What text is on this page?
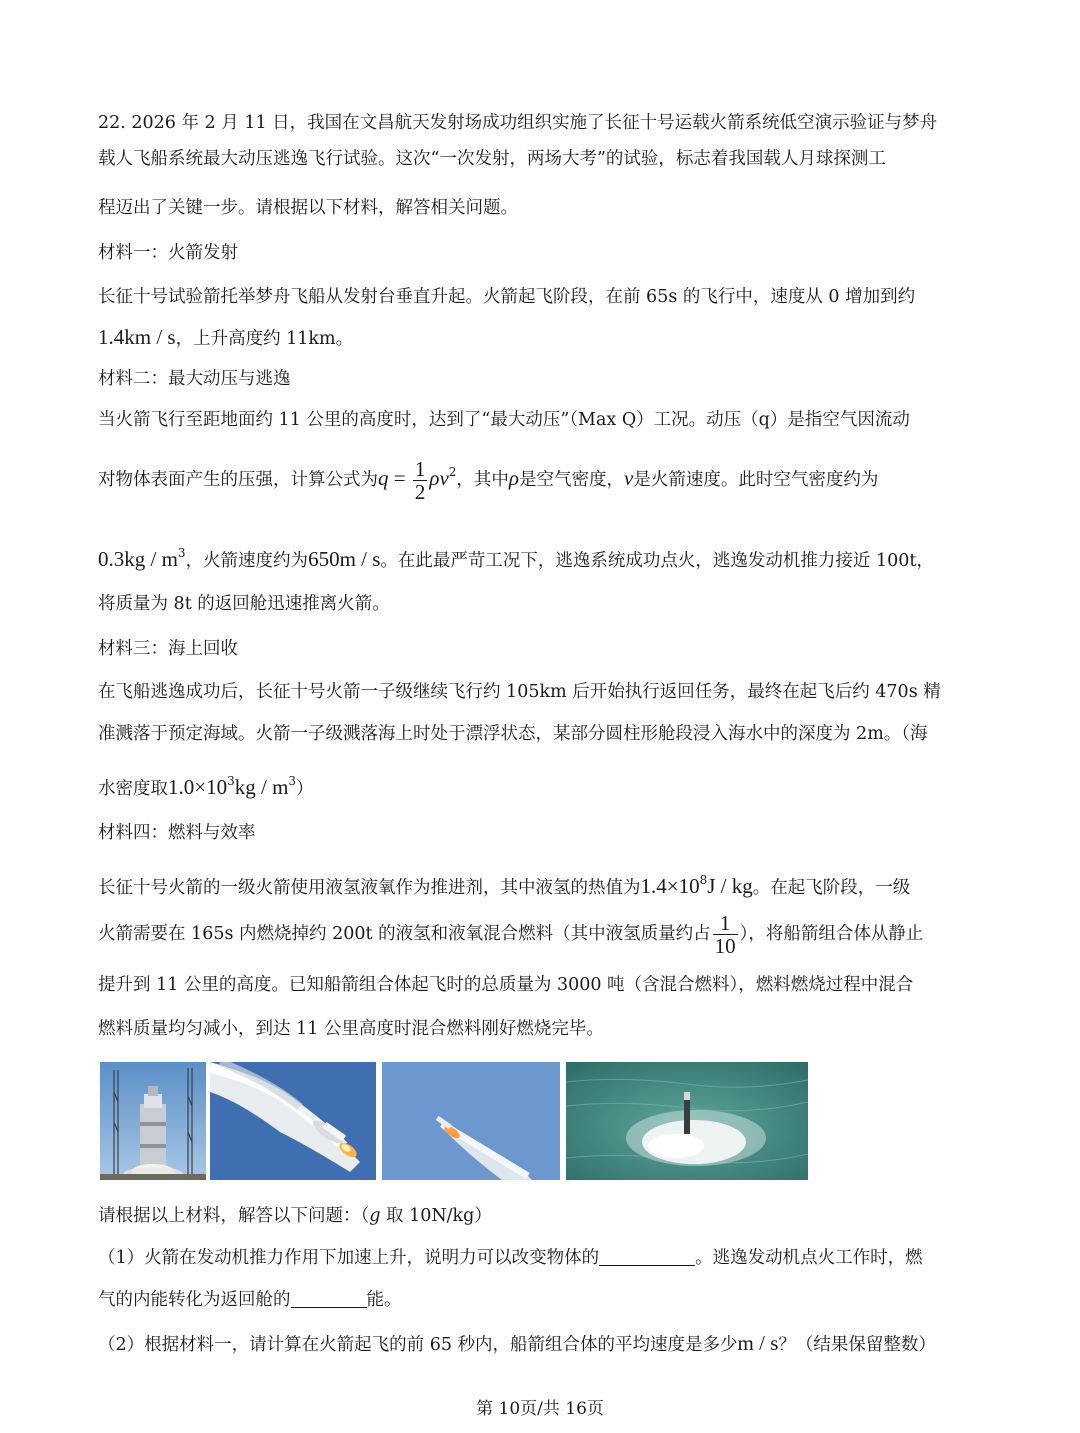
22. 2026 年 2 月 11 日，我国在文昌航天发射场成功组织实施了长征十号运载火箭系统低空演示验证与梦舟
载人飞船系统最大动压逃逸飞行试验。这次“一次发射，两场大考”的试验，标志着我国载人月球探测工
程迈出了关键一步。请根据以下材料，解答相关问题。
材料一：火箭发射
长征十号试验箭托举梦舟飞船从发射台垂直升起。火箭起飞阶段，在前 65s 的飞行中，速度从 0 增加到约
1.4km / s，上升高度约 11km。
材料二：最大动压与逃逸
当火箭飞行至距地面约 11 公里的高度时，达到了“最大动压”（Max Q）工况。动压（q）是指空气因流动
对物体表面产生的压强，计算公式为$q = \frac{1}{2} \rho v^2$，其中ρ是空气密度，v是火箭速度。此时空气密度约为
$0.3kg / m^3$，火箭速度约为650m / s。在此最严苛工况下，逃逸系统成功点火，逃逸发动机推力接近 100t，
将质量为 8t 的返回舱迅速推离火箭。
材料三：海上回收
在飞船逃逸成功后，长征十号火箭一子级继续飞行约 105km 后开始执行返回任务，最终在起飞后约 470s 精
准溅落于预定海域。火箭一子级溅落海上时处于漂浮状态，某部分圆柱形舱段浸入海水中的深度为 2m。（海
水密度取$1.0\times 10^3kg / m^3$）
材料四：燃料与效率
长征十号火箭的一级火箭使用液氢液氧作为推进剂，其中液氢的热值为$1.4\times 10^8J$ / kg。在起飞阶段，一级
火箭需要在 165s 内燃烧掉约 200t 的液氢和液氧混合燃料（其中液氢质量约占 $\frac{1}{10}$ ），将船箭组合体从静止
提升到 11 公里的高度。已知船箭组合体起飞时的总质量为 3000 吨（含混合燃料），燃料燃烧过程中混合
燃料质量均匀减小，到达 11 公里高度时混合燃料刚好燃烧完毕。
请根据以上材料，解答以下问题：（g 取 10N/kg）
（1）火箭在发动机推力作用下加速上升，说明力可以改变物体的	。逃逸发动机点火工作时，燃
气的内能转化为返回舱的	能。
（2）根据材料一，请计算在火箭起飞的前 65 秒内，船箭组合体的平均速度是多少m / s？（结果保留整数）
第 10页/共 16页
